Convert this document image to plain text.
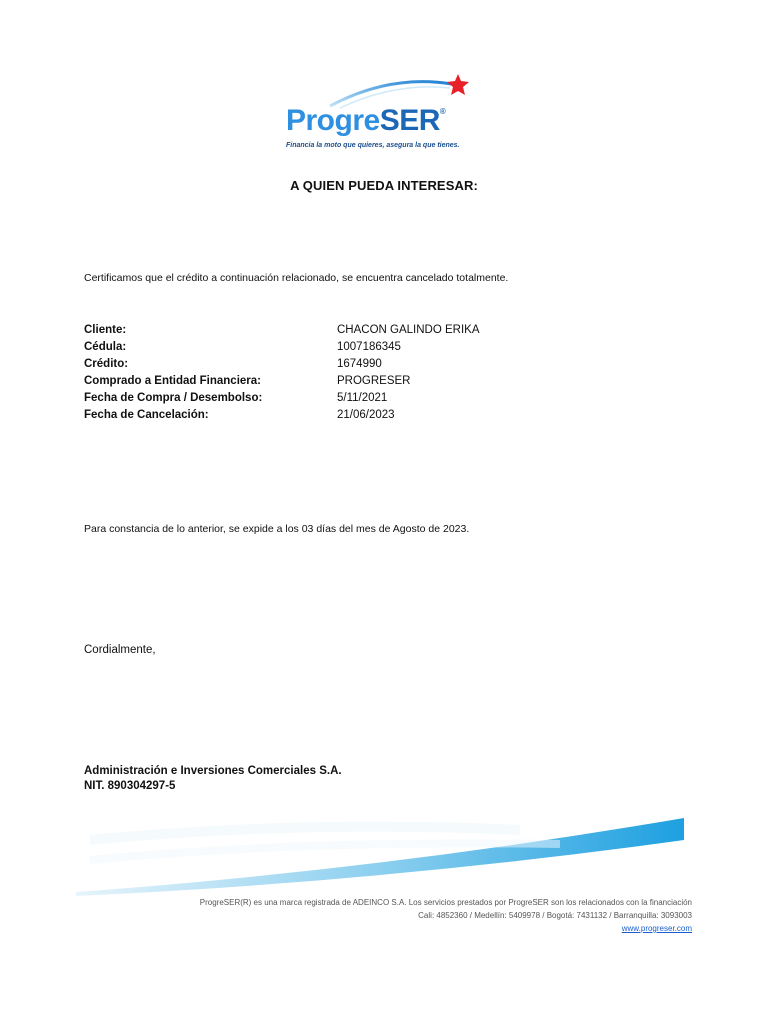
ProgreSER®
Financia la moto que quieres, asegura la que tienes.
A QUIEN PUEDA INTERESAR:
Certificamos que el crédito a continuación relacionado, se encuentra cancelado totalmente.
Cliente:	CHACON GALINDO ERIKA
Cédula:	1007186345
Crédito:	1674990
Comprado a Entidad Financiera:	PROGRESER
Fecha de Compra / Desembolso:	5/11/2021
Fecha de Cancelación:	21/06/2023
Para constancia de lo anterior, se expide a los 03 días del mes de Agosto de 2023.
Cordialmente,
Administración e Inversiones Comerciales S.A.
NIT. 890304297-5
ProgreSER(R) es una marca registrada de ADEINCO S.A. Los servicios prestados por ProgreSER son los relacionados con la financiación
Cali: 4852360 / Medellín: 5409978 / Bogotá: 7431132 / Barranquilla: 3093003
www.progreser.com
